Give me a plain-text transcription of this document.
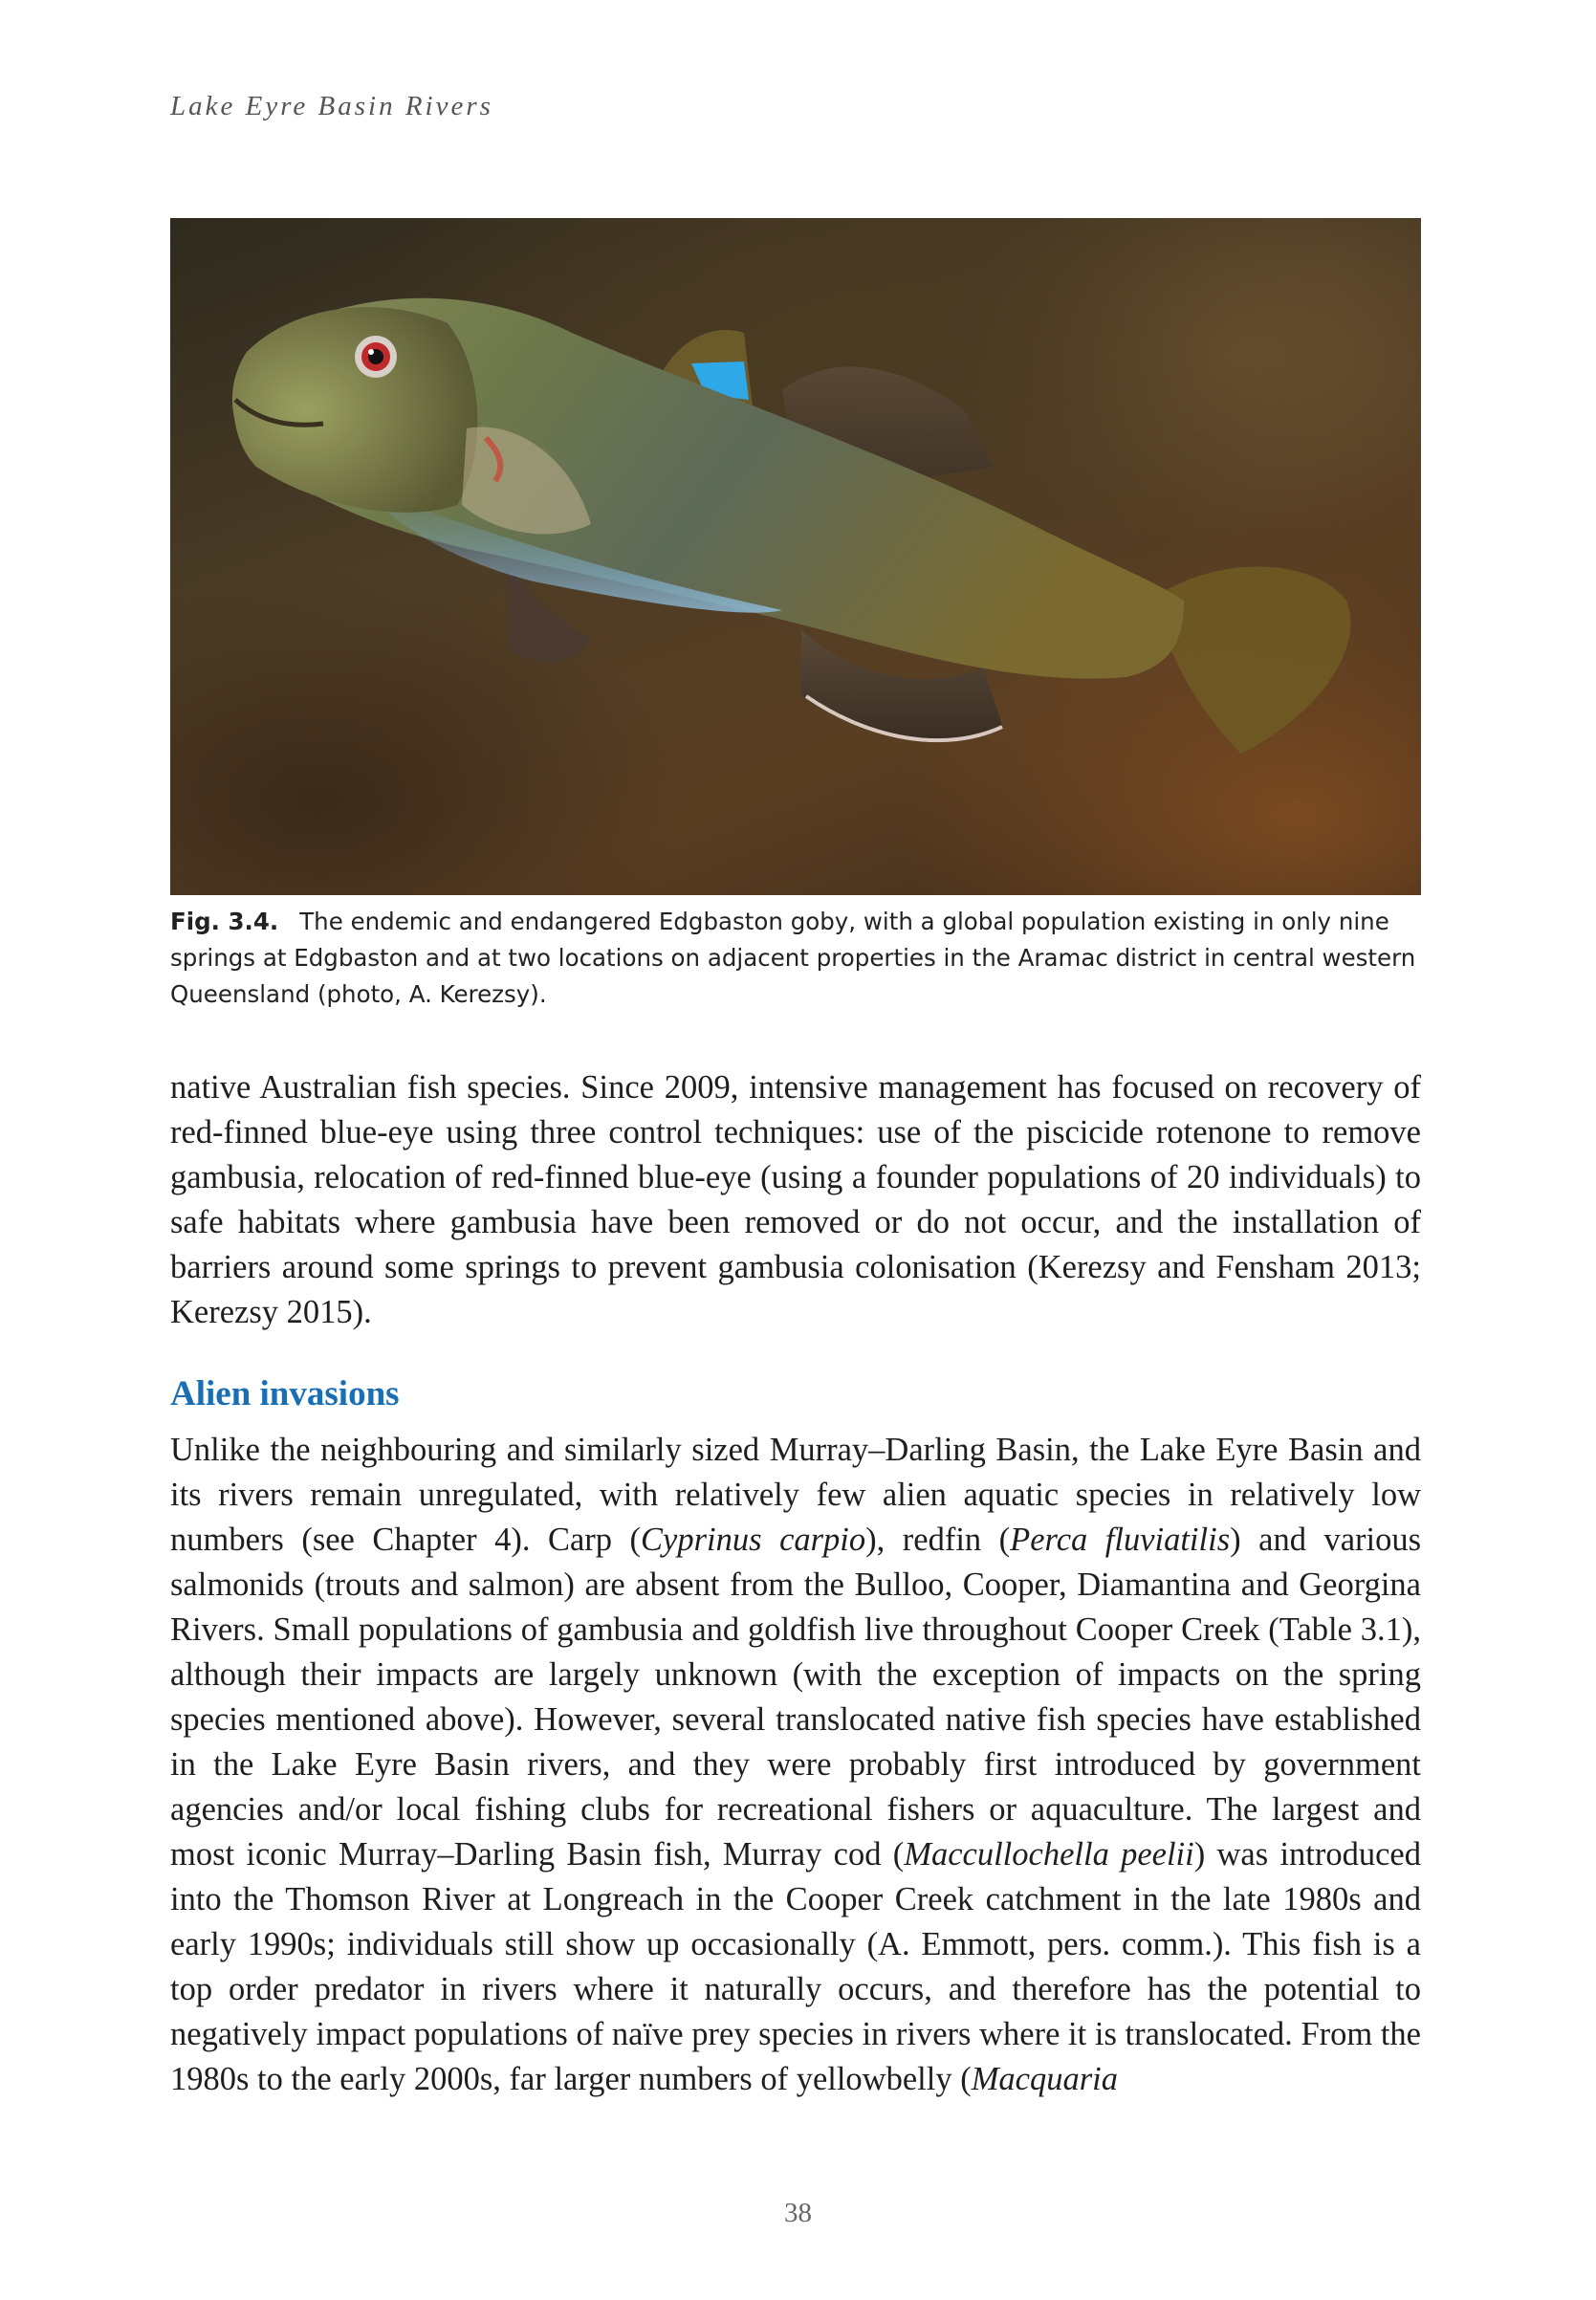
Lake Eyre Basin Rivers
Fig. 3.4. The endemic and endangered Edgbaston goby, with a global population existing in only nine springs at Edgbaston and at two locations on adjacent properties in the Aramac district in central western Queensland (photo, A. Kerezsy).

native Australian fish species. Since 2009, intensive management has focused on recovery of red-finned blue-eye using three control techniques: use of the piscicide rotenone to remove gambusia, relocation of red-finned blue-eye (using a founder populations of 20 individuals) to safe habitats where gambusia have been removed or do not occur, and the installation of barriers around some springs to prevent gambusia colonisation (Kerezsy and Fensham 2013; Kerezsy 2015).

Alien invasions

Unlike the neighbouring and similarly sized Murray–Darling Basin, the Lake Eyre Basin and its rivers remain unregulated, with relatively few alien aquatic species in relatively low numbers (see Chapter 4). Carp (Cyprinus carpio), redfin (Perca fluviatilis) and various salmonids (trouts and salmon) are absent from the Bulloo, Cooper, Diamantina and Georgina Rivers. Small populations of gambusia and goldfish live throughout Cooper Creek (Table 3.1), although their impacts are largely unknown (with the exception of impacts on the spring species mentioned above). However, several translocated native fish species have established in the Lake Eyre Basin rivers, and they were probably first introduced by government agencies and/or local fishing clubs for recreational fishers or aquaculture. The largest and most iconic Murray–Darling Basin fish, Murray cod (Maccullochella peelii) was introduced into the Thomson River at Longreach in the Cooper Creek catchment in the late 1980s and early 1990s; individuals still show up occasionally (A. Emmott, pers. comm.). This fish is a top order predator in rivers where it naturally occurs, and therefore has the potential to negatively impact populations of naïve prey species in rivers where it is translocated. From the 1980s to the early 2000s, far larger numbers of yellowbelly (Macquaria

38
